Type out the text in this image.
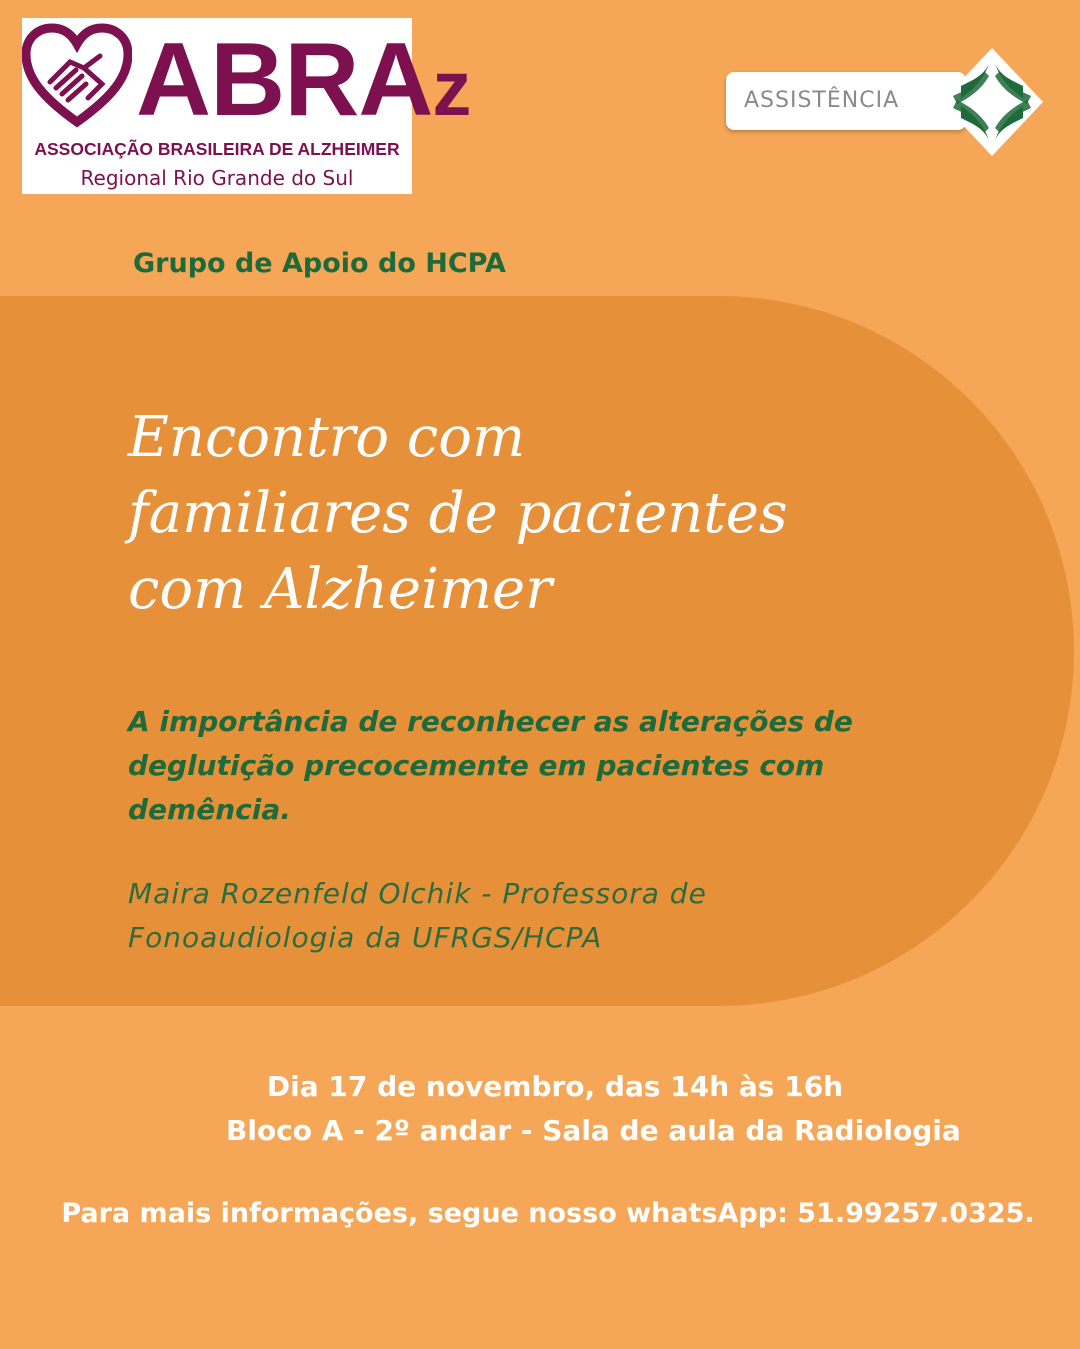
ABRAz
ASSOCIAÇÃO BRASILEIRA DE ALZHEIMER
Regional Rio Grande do Sul
ASSISTÊNCIA
Grupo de Apoio do HCPA
Encontro com
familiares de pacientes
com Alzheimer
A importância de reconhecer as alterações de
deglutição precocemente em pacientes com
demência.
Maira Rozenfeld Olchik - Professora de
Fonoaudiologia da UFRGS/HCPA
Dia 17 de novembro, das 14h às 16h
Bloco A - 2º andar - Sala de aula da Radiologia
Para mais informações, segue nosso whatsApp: 51.99257.0325.
